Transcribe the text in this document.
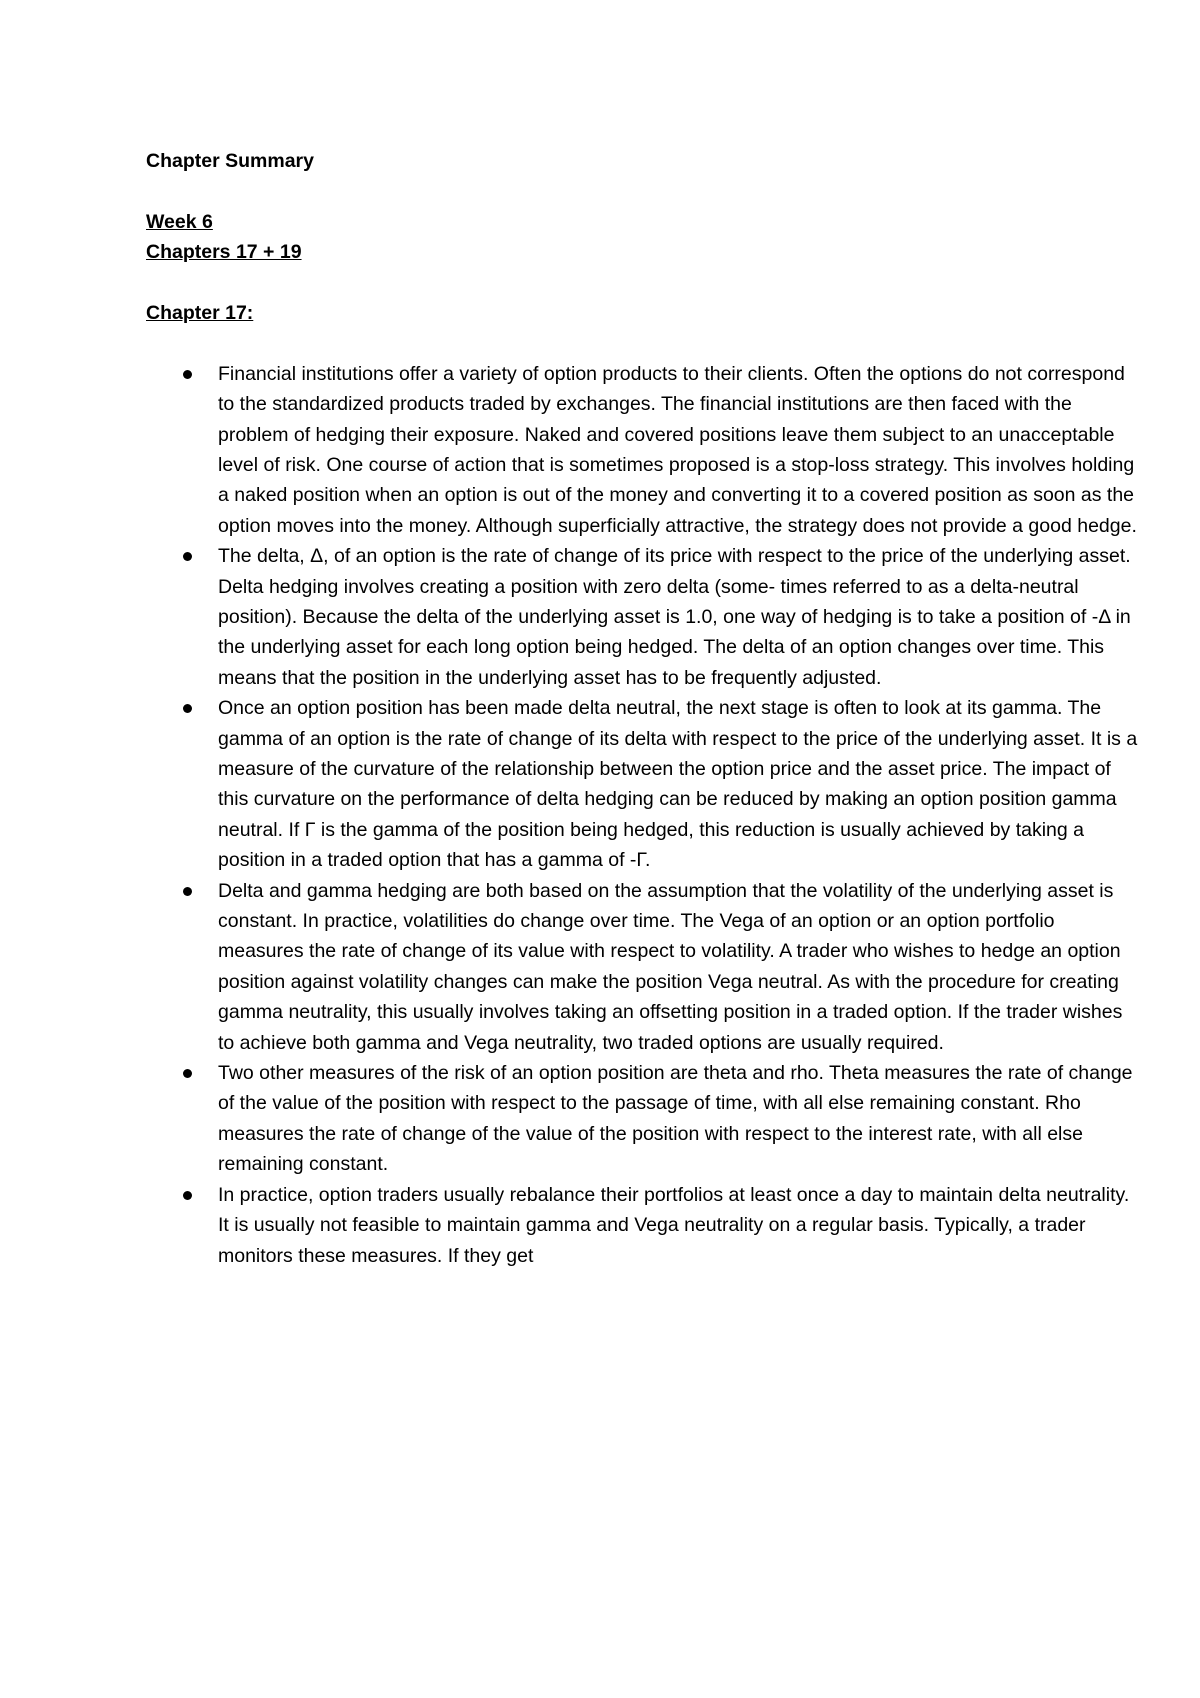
Chapter Summary
Week 6
Chapters 17 + 19
Chapter 17:
Financial institutions offer a variety of option products to their clients. Often the options do not correspond to the standardized products traded by exchanges. The financial institutions are then faced with the problem of hedging their exposure. Naked and covered positions leave them subject to an unacceptable level of risk. One course of action that is sometimes proposed is a stop-loss strategy. This involves holding a naked position when an option is out of the money and converting it to a covered position as soon as the option moves into the money. Although superficially attractive, the strategy does not provide a good hedge.
The delta, Δ, of an option is the rate of change of its price with respect to the price of the underlying asset. Delta hedging involves creating a position with zero delta (some- times referred to as a delta-neutral position). Because the delta of the underlying asset is 1.0, one way of hedging is to take a position of -Δ in the underlying asset for each long option being hedged. The delta of an option changes over time. This means that the position in the underlying asset has to be frequently adjusted.
Once an option position has been made delta neutral, the next stage is often to look at its gamma. The gamma of an option is the rate of change of its delta with respect to the price of the underlying asset. It is a measure of the curvature of the relationship between the option price and the asset price. The impact of this curvature on the performance of delta hedging can be reduced by making an option position gamma neutral. If Γ is the gamma of the position being hedged, this reduction is usually achieved by taking a position in a traded option that has a gamma of -Γ.
Delta and gamma hedging are both based on the assumption that the volatility of the underlying asset is constant. In practice, volatilities do change over time. The Vega of an option or an option portfolio measures the rate of change of its value with respect to volatility. A trader who wishes to hedge an option position against volatility changes can make the position Vega neutral. As with the procedure for creating gamma neutrality, this usually involves taking an offsetting position in a traded option. If the trader wishes to achieve both gamma and Vega neutrality, two traded options are usually required.
Two other measures of the risk of an option position are theta and rho. Theta measures the rate of change of the value of the position with respect to the passage of time, with all else remaining constant. Rho measures the rate of change of the value of the position with respect to the interest rate, with all else remaining constant.
In practice, option traders usually rebalance their portfolios at least once a day to maintain delta neutrality. It is usually not feasible to maintain gamma and Vega neutrality on a regular basis. Typically, a trader monitors these measures. If they get
